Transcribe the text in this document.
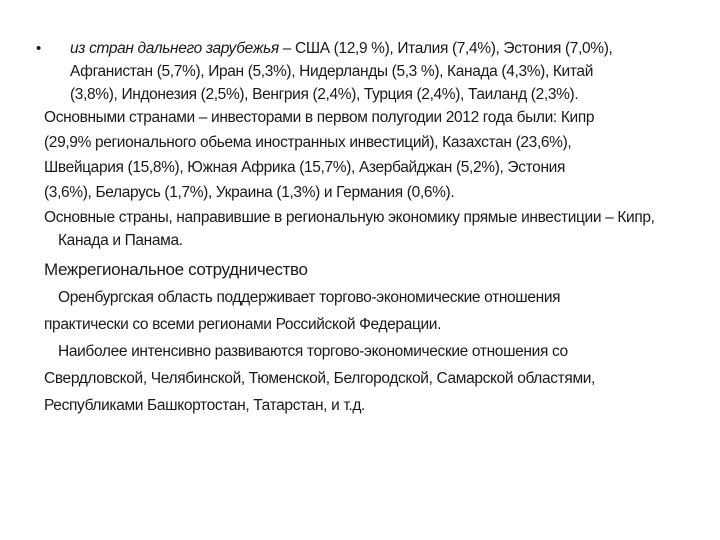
• из стран дальнего зарубежья – США (12,9 %), Италия (7,4%), Эстония (7,0%),
Афганистан (5,7%), Иран (5,3%), Нидерланды (5,3 %), Канада (4,3%), Китай
(3,8%), Индонезия (2,5%), Венгрия (2,4%), Турция (2,4%), Таиланд (2,3%).
Основными странами – инвесторами в первом полугодии 2012 года были: Кипр
(29,9% регионального обьема иностранных инвестиций), Казахстан (23,6%),
Швейцария (15,8%), Южная Африка (15,7%), Азербайджан (5,2%), Эстония
(3,6%), Беларусь (1,7%), Украина (1,3%) и Германия (0,6%).
Основные страны, направившие в региональную экономику прямые инвестиции – Кипр,
Канада и Панама.
Межрегиональное сотрудничество
Оренбургская область поддерживает торгово-экономические отношения
практически со всеми регионами Российской Федерации.
Наиболее интенсивно развиваются торгово-экономические отношения со
Свердловской, Челябинской, Тюменской, Белгородской, Самарской областями,
Республиками Башкортостан, Татарстан, и т.д.
